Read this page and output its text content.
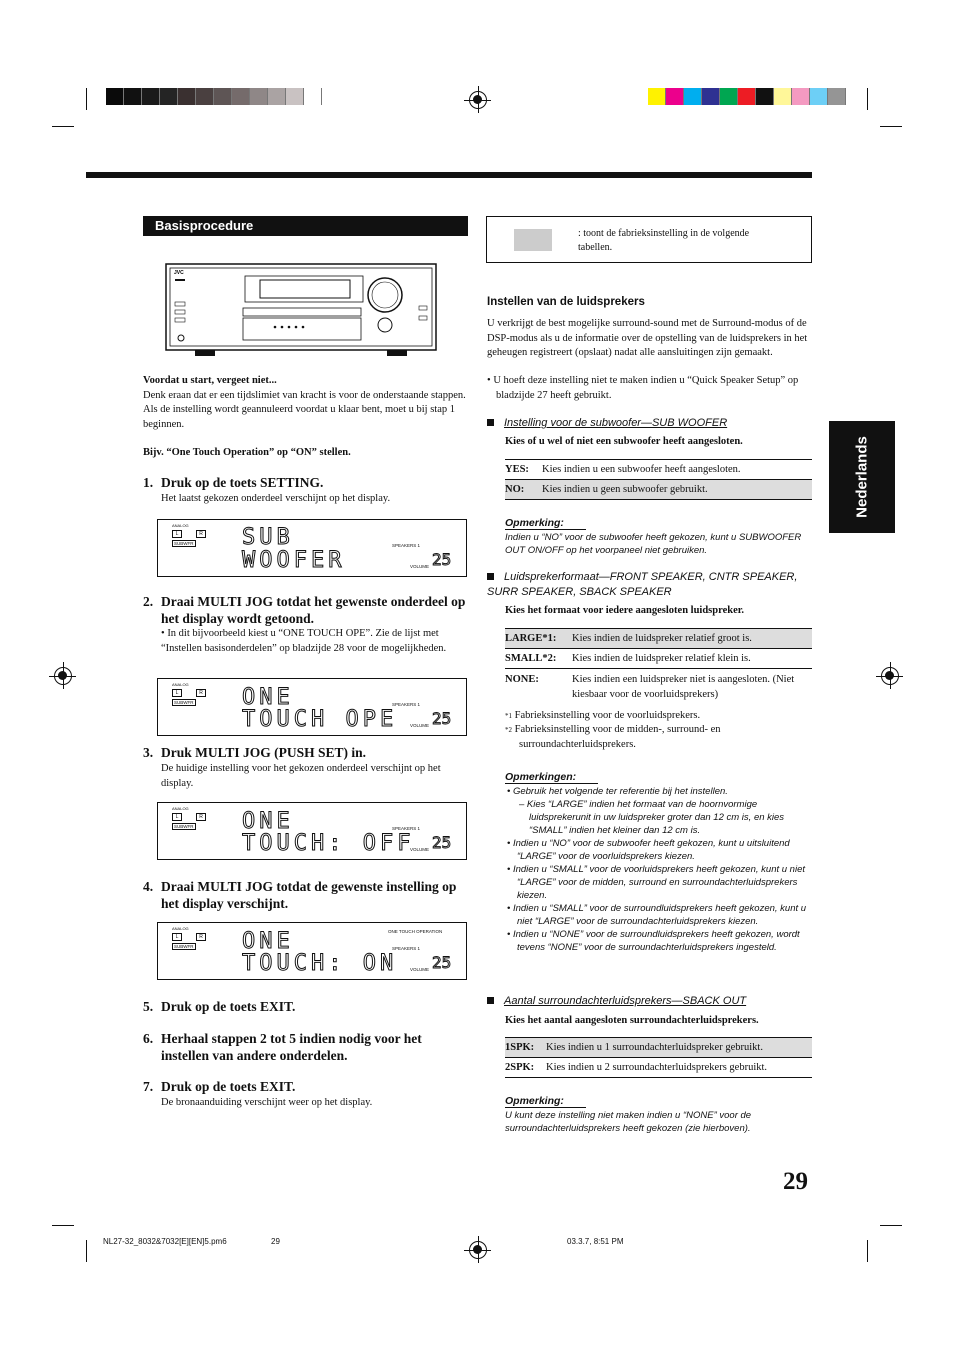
Nederlands
Basisprocedure
JVC
Voordat u start, vergeet niet...
Denk eraan dat er een tijdslimiet van kracht is voor de onderstaande stappen. Als de instelling wordt geannuleerd voordat u klaar bent, moet u bij stap 1 beginnen.
Bijv. “One Touch Operation” op “ON” stellen.
1. Druk op de toets SETTING.
Het laatst gekozen onderdeel verschijnt op het display.
ANALOG
L	R
SUBWFR SUB
WOOFER
SPEAKERS 1
VOLUME 25
2. Draai MULTI JOG totdat het gewenste onderdeel op het display wordt getoond.
• In dit bijvoorbeeld kiest u “ONE TOUCH OPE”. Zie de lijst met “Instellen basisonderdelen” op bladzijde 28 voor de mogelijkheden.
ANALOG
L	R
SUBWFR ONE
TOUCH OPE
SPEAKERS 1
VOLUME 25
3. Druk MULTI JOG (PUSH SET) in.
De huidige instelling voor het gekozen onderdeel verschijnt op het display.
ANALOG
L	R
SUBWFR ONE
TOUCH: OFF
SPEAKERS 1
VOLUME 25
4. Draai MULTI JOG totdat de gewenste instelling op het display verschijnt.
ANALOG
L	R
SUBWFR ONE
TOUCH: ON
ONE TOUCH OPERATION
SPEAKERS 1
VOLUME 25
5. Druk op de toets EXIT.
6. Herhaal stappen 2 tot 5 indien nodig voor het instellen van andere onderdelen.
7. Druk op de toets EXIT.
De bronaanduiding verschijnt weer op het display.
: toont de fabrieksinstelling in de volgende tabellen.
Instellen van de luidsprekers
U verkrijgt de best mogelijke surround-sound met de Surround-modus of de DSP-modus als u de informatie over de opstelling van de luidsprekers in het geheugen registreert (opslaat) nadat alle aansluitingen zijn gemaakt.
• U hoeft deze instelling niet te maken indien u “Quick Speaker Setup” op bladzijde 27 heeft gebruikt.
Instelling voor de subwoofer—SUB WOOFER
Kies of u wel of niet een subwoofer heeft aangesloten.
YES: Kies indien u een subwoofer heeft aangesloten.
NO: Kies indien u geen subwoofer gebruikt.
Opmerking:
Indien u “NO” voor de subwoofer heeft gekozen, kunt u SUBWOOFER OUT ON/OFF op het voorpaneel niet gebruiken.
Luidsprekerformaat—FRONT SPEAKER, CNTR SPEAKER, SURR SPEAKER, SBACK SPEAKER
Kies het formaat voor iedere aangesloten luidspreker.
LARGE*1: Kies indien de luidspreker relatief groot is.
SMALL*2: Kies indien de luidspreker relatief klein is.
NONE:	Kies indien een luidspreker niet is aangesloten. (Niet kiesbaar voor de voorluidsprekers)
*1 Fabrieksinstelling voor de voorluidsprekers.
*2 Fabrieksinstelling voor de midden-, surround- en surroundachterluidsprekers.
Opmerkingen:
• Gebruik het volgende ter referentie bij het instellen.
– Kies “LARGE” indien het formaat van de hoornvormige luidsprekerunit in uw luidspreker groter dan 12 cm is, en kies “SMALL” indien het kleiner dan 12 cm is.
• Indien u “NO” voor de subwoofer heeft gekozen, kunt u uitsluitend “LARGE” voor de voorluidsprekers kiezen.
• Indien u “SMALL” voor de voorluidsprekers heeft gekozen, kunt u niet “LARGE” voor de midden, surround en surroundachterluidsprekers kiezen.
• Indien u “SMALL” voor de surroundluidsprekers heeft gekozen, kunt u niet “LARGE” voor de surroundachterluidsprekers kiezen.
• Indien u “NONE” voor de surroundluidsprekers heeft gekozen, wordt tevens “NONE” voor de surroundachterluidsprekers ingesteld.
Aantal surroundachterluidsprekers—SBACK OUT
Kies het aantal aangesloten surroundachterluidsprekers.
1SPK: Kies indien u 1 surroundachterluidspreker gebruikt.
2SPK: Kies indien u 2 surroundachterluidsprekers gebruikt.
Opmerking:
U kunt deze instelling niet maken indien u “NONE” voor de surroundachterluidsprekers heeft gekozen (zie hierboven).
29
NL27-32_8032&7032[E][EN]5.pm6	29	03.3.7, 8:51 PM
